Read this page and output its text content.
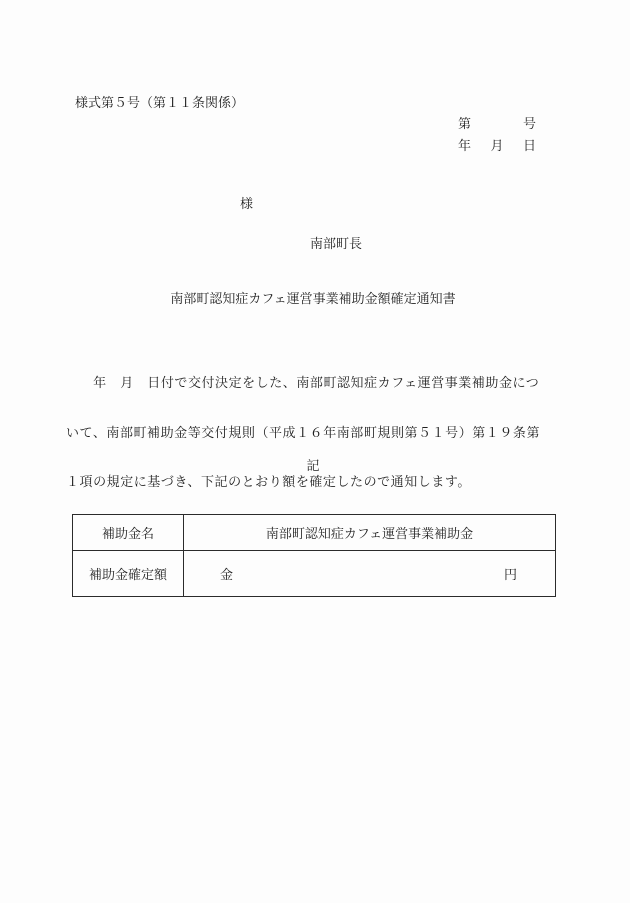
様式第５号（第１１条関係）
第	号
年 月 日
様
南部町長
南部町認知症カフェ運営事業補助金額確定通知書

　　年　月　日付で交付決定をした、南部町認知症カフェ運営事業補助金につ

いて、南部町補助金等交付規則（平成１６年南部町規則第５１号）第１９条第

１項の規定に基づき、下記のとおり額を確定したので通知します。

記
補助金名	南部町認知症カフェ運営事業補助金
補助金確定額	金	円
